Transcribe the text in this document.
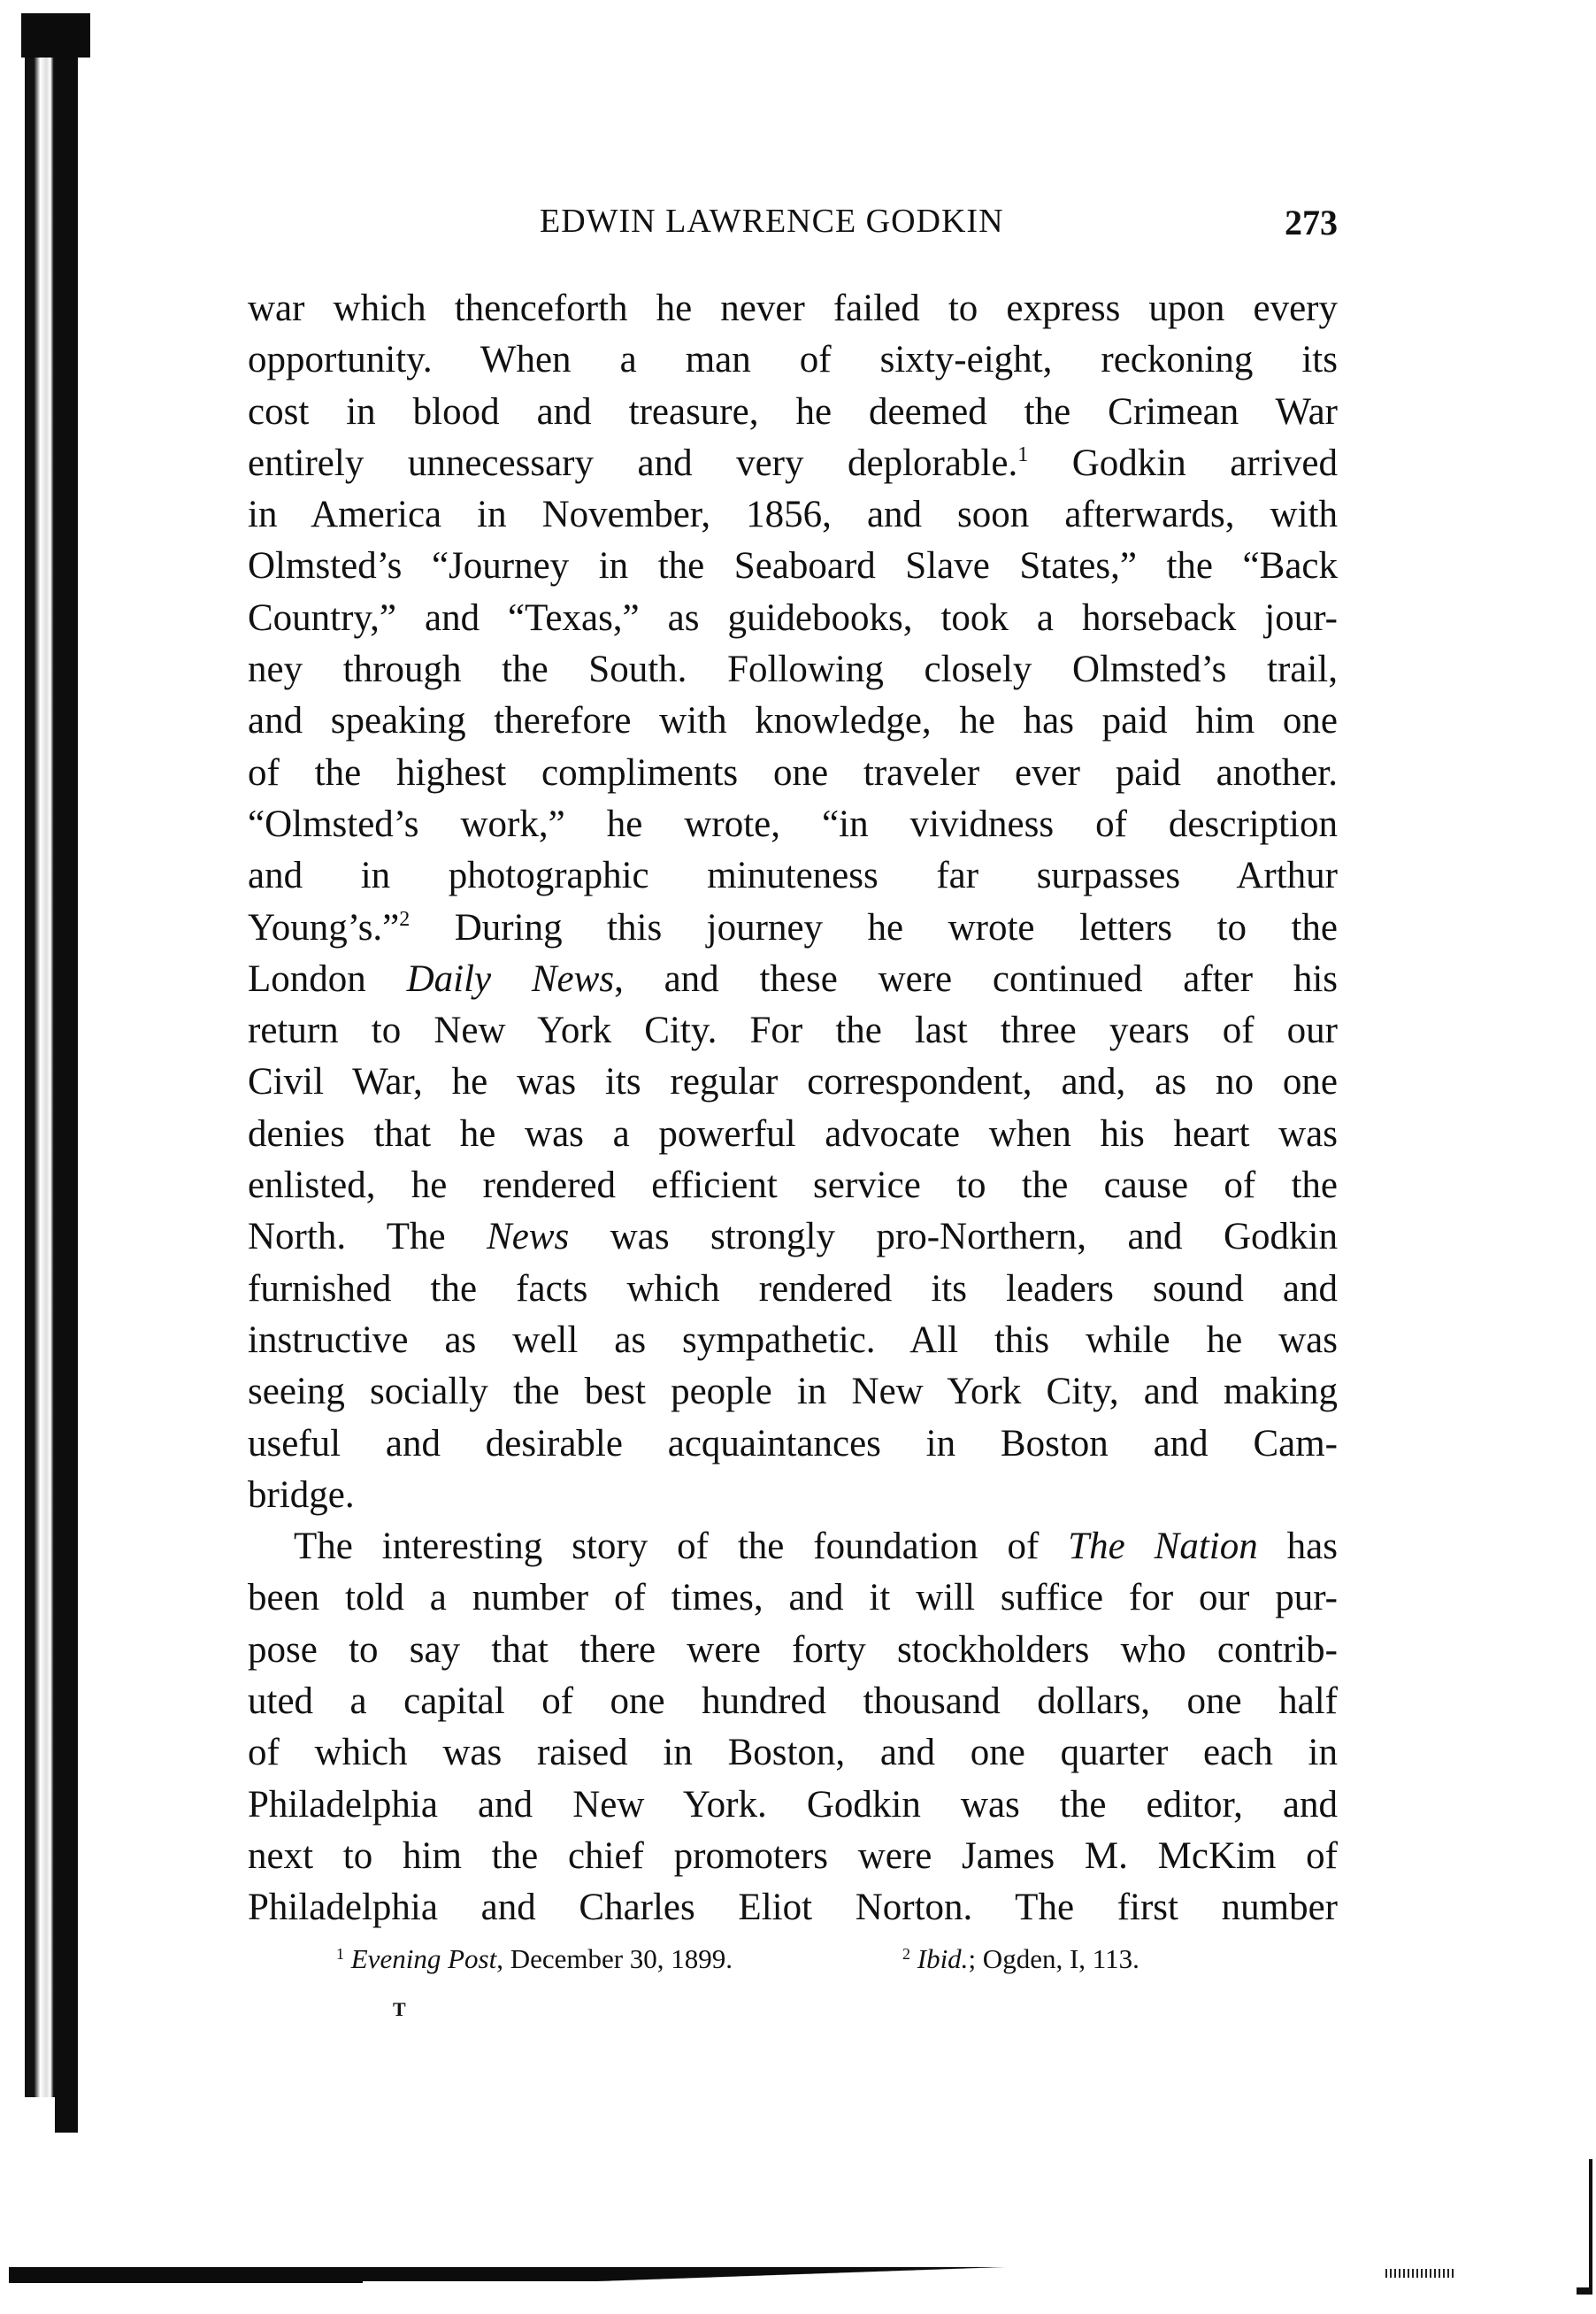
EDWIN LAWRENCE GODKIN	273
war which thenceforth he never failed to express upon every
opportunity. When a man of sixty-eight, reckoning its
cost in blood and treasure, he deemed the Crimean War
entirely unnecessary and very deplorable.$^1$ Godkin arrived
in America in November, 1856, and soon afterwards, with
Olmsted’s “Journey in the Seaboard Slave States,” the “Back
Country,” and “Texas,” as guidebooks, took a horseback jour-
ney through the South. Following closely Olmsted’s trail,
and speaking therefore with knowledge, he has paid him one
of the highest compliments one traveler ever paid another.
“Olmsted’s work,” he wrote, “in vividness of description
and in photographic minuteness far surpasses Arthur
Young’s.”$^2$ During this journey he wrote letters to the
London Daily News, and these were continued after his
return to New York City. For the last three years of our
Civil War, he was its regular correspondent, and, as no one
denies that he was a powerful advocate when his heart was
enlisted, he rendered efficient service to the cause of the
North. The News was strongly pro-Northern, and Godkin
furnished the facts which rendered its leaders sound and
instructive as well as sympathetic. All this while he was
seeing socially the best people in New York City, and making
useful and desirable acquaintances in Boston and Cam-
bridge.
The interesting story of the foundation of The Nation has
been told a number of times, and it will suffice for our pur-
pose to say that there were forty stockholders who contrib-
uted a capital of one hundred thousand dollars, one half
of which was raised in Boston, and one quarter each in
Philadelphia and New York. Godkin was the editor, and
next to him the chief promoters were James M. McKim of
Philadelphia and Charles Eliot Norton. The first number
$^1$ Evening Post, December 30, 1899.	$^2$ Ibid.; Ogden, I, 113.
T
